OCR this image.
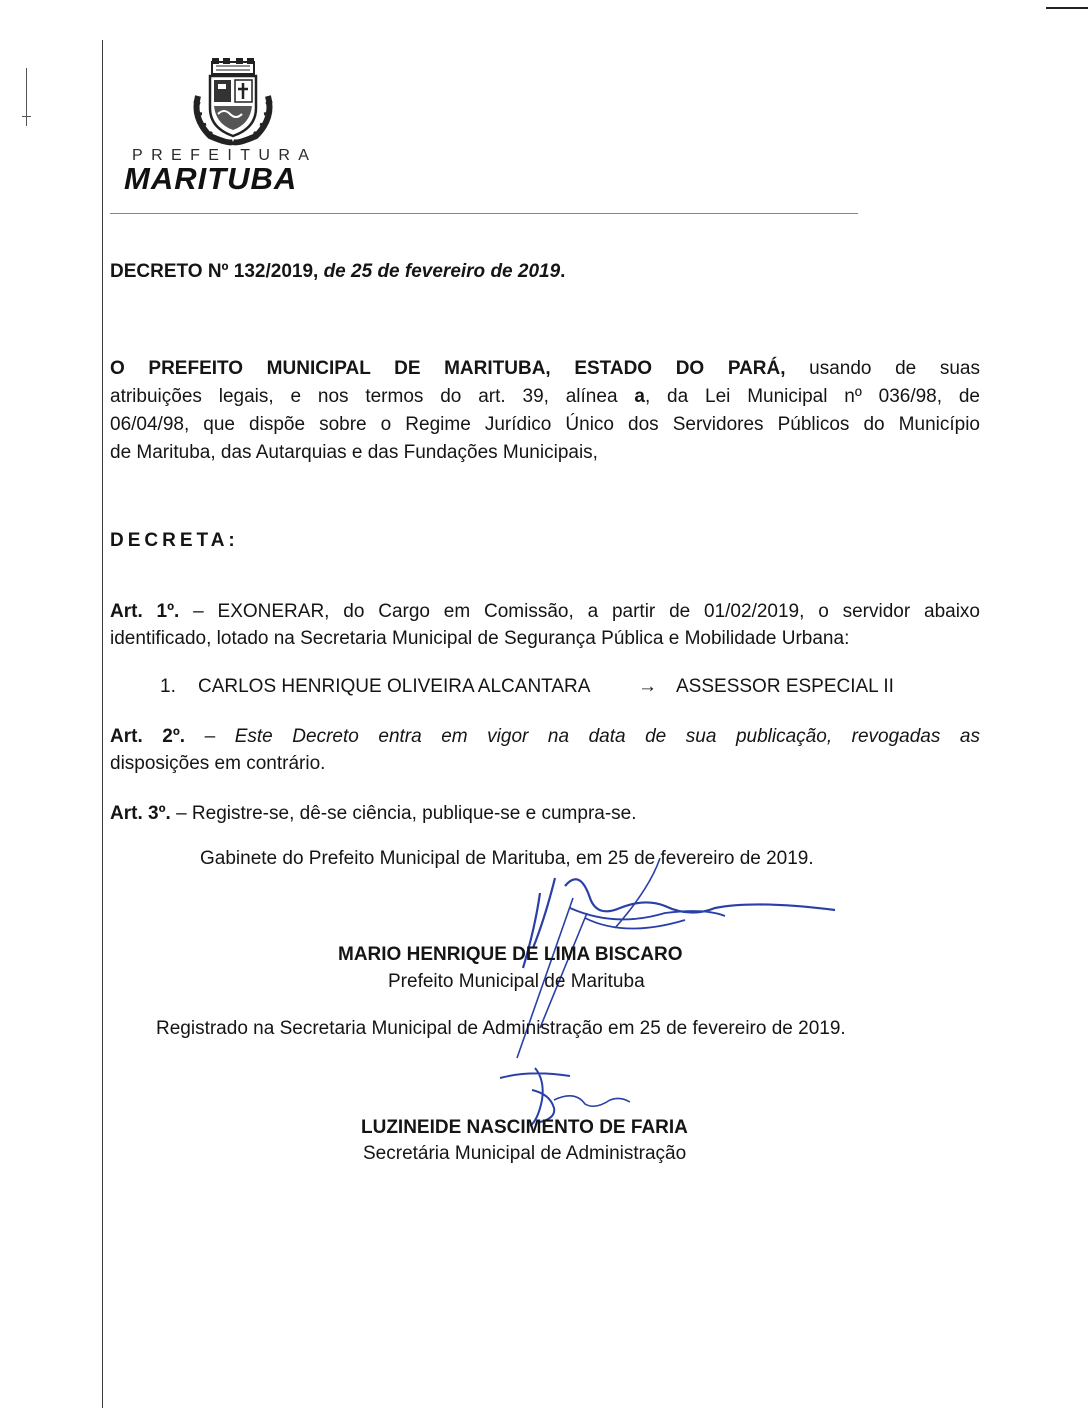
PREFEITURA
MARITUBA
DECRETO Nº 132/2019, de 25 de fevereiro de 2019.
O PREFEITO MUNICIPAL DE MARITUBA, ESTADO DO PARÁ, usando de suas
atribuições legais, e nos termos do art. 39, alínea a, da Lei Municipal nº 036/98, de
06/04/98, que dispõe sobre o Regime Jurídico Único dos Servidores Públicos do Município
de Marituba, das Autarquias e das Fundações Municipais,
DECRETA:
Art. 1º. – EXONERAR, do Cargo em Comissão, a partir de 01/02/2019, o servidor abaixo
identificado, lotado na Secretaria Municipal de Segurança Pública e Mobilidade Urbana:
1. CARLOS HENRIQUE OLIVEIRA ALCANTARA	→ ASSESSOR ESPECIAL II
Art. 2º. – Este Decreto entra em vigor na data de sua publicação, revogadas as
disposições em contrário.
Art. 3º. – Registre-se, dê-se ciência, publique-se e cumpra-se.
Gabinete do Prefeito Municipal de Marituba, em 25 de fevereiro de 2019.
MARIO HENRIQUE DE LIMA BISCARO
Prefeito Municipal de Marituba
Registrado na Secretaria Municipal de Administração em 25 de fevereiro de 2019.
LUZINEIDE NASCIMENTO DE FARIA
Secretária Municipal de Administração
